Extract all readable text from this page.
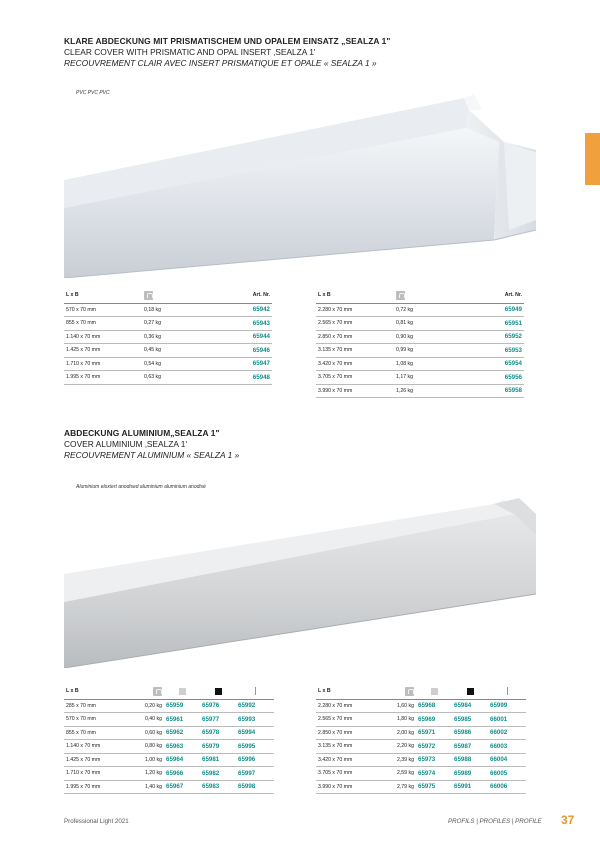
KLARE ABDECKUNG MIT PRISMATISCHEM UND OPALEM EINSATZ „SEALZA 1"
CLEAR COVER WITH PRISMATIC AND OPAL INSERT ‚SEALZA 1'
RECOUVREMENT CLAIR AVEC INSERT PRISMATIQUE ET OPALE « SEALZA 1 »
PVC PVC PVC
L x B		Art. Nr.
570 x 70 mm	0,18 kg	65942
855 x 70 mm	0,27 kg	65943
1.140 x 70 mm	0,36 kg	65944
1.425 x 70 mm	0,45 kg	65946
1.710 x 70 mm	0,54 kg	65947
1.995 x 70 mm	0,63 kg	65948
L x B		Art. Nr.
2.280 x 70 mm	0,72 kg	65949
2.565 x 70 mm	0,81 kg	65951
2.850 x 70 mm	0,90 kg	65952
3.135 x 70 mm	0,99 kg	65953
3.420 x 70 mm	1,08 kg	65954
3.705 x 70 mm	1,17 kg	65956
3.990 x 70 mm	1,26 kg	65958
ABDECKUNG ALUMINIUM„SEALZA 1"
COVER ALUMINIUM ‚SEALZA 1'
RECOUVREMENT ALUMINIUM « SEALZA 1 »
Aluminium eloxiert anodised aluminium aluminium anodisé
L x B				
285 x 70 mm	0,20 kg	65959	65976	65992
570 x 70 mm	0,40 kg	65961	65977	65993
855 x 70 mm	0,60 kg	65962	65978	65994
1.140 x 70 mm	0,80 kg	65963	65979	65995
1.425 x 70 mm	1,00 kg	65964	65981	65996
1.710 x 70 mm	1,20 kg	65966	65982	65997
1.995 x 70 mm	1,40 kg	65967	65983	65998
L x B				
2.280 x 70 mm	1,60 kg	65968	65984	65999
2.565 x 70 mm	1,80 kg	65969	65985	66001
2.850 x 70 mm	2,00 kg	65971	65986	66002
3.135 x 70 mm	2,20 kg	65972	65987	66003
3.420 x 70 mm	2,39 kg	65973	65988	66004
3.705 x 70 mm	2,59 kg	65974	65989	66005
3.990 x 70 mm	2,79 kg	65975	65991	66006
Professional Light 2021	PROFILS | PROFILES | PROFILE 37
